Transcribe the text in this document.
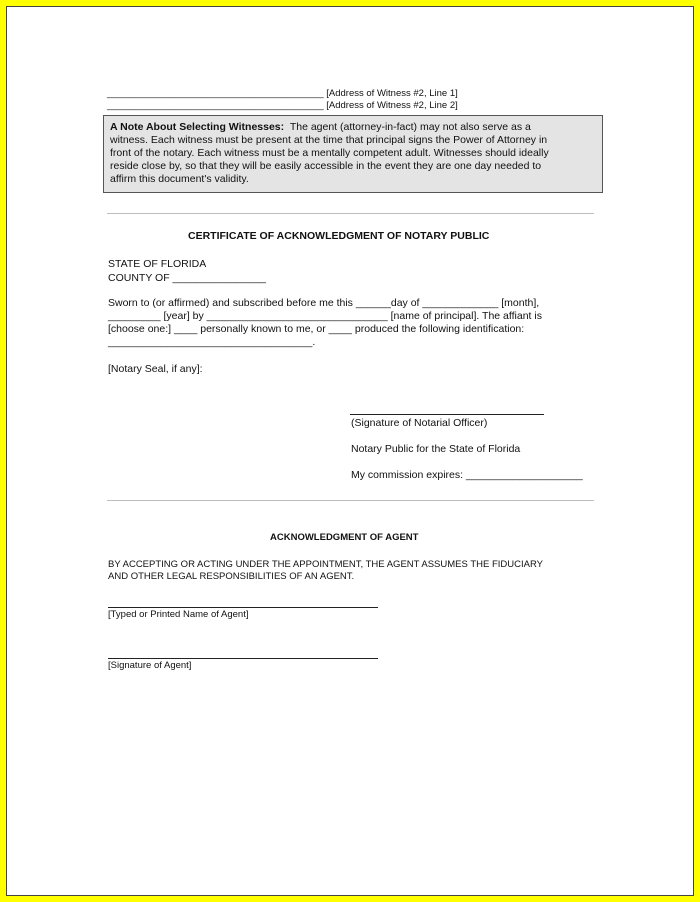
_________________________________________ [Address of Witness #2, Line 1]
_________________________________________ [Address of Witness #2, Line 2]
A Note About Selecting Witnesses: The agent (attorney-in-fact) may not also serve as a
witness. Each witness must be present at the time that principal signs the Power of Attorney in
front of the notary. Each witness must be a mentally competent adult. Witnesses should ideally
reside close by, so that they will be easily accessible in the event they are one day needed to
affirm this document's validity.
CERTIFICATE OF ACKNOWLEDGMENT OF NOTARY PUBLIC
STATE OF FLORIDA
COUNTY OF ________________
Sworn to (or affirmed) and subscribed before me this ______day of _____________ [month],
_________ [year] by _______________________________ [name of principal]. The affiant is
[choose one:] ____ personally known to me, or ____ produced the following identification:
___________________________________.
[Notary Seal, if any]:
(Signature of Notarial Officer)
Notary Public for the State of Florida
My commission expires: ____________________
ACKNOWLEDGMENT OF AGENT
BY ACCEPTING OR ACTING UNDER THE APPOINTMENT, THE AGENT ASSUMES THE FIDUCIARY
AND OTHER LEGAL RESPONSIBILITIES OF AN AGENT.
[Typed or Printed Name of Agent]
[Signature of Agent]
